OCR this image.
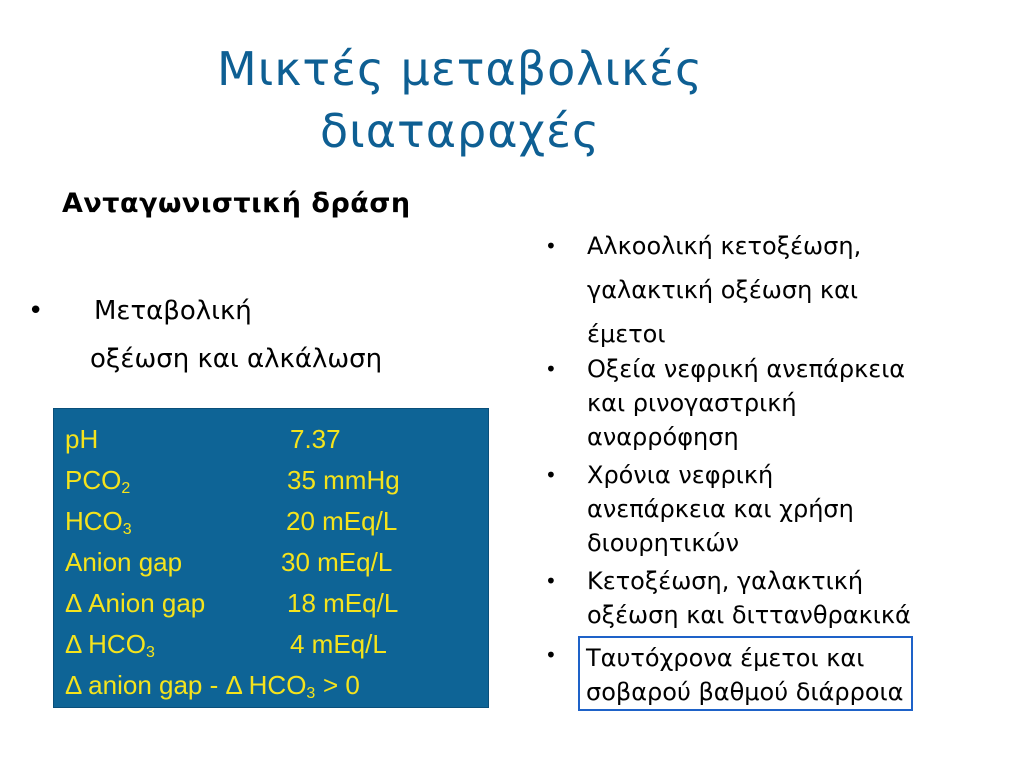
Μικτές μεταβολικές
διαταραχές
Ανταγωνιστική δράση
• Μεταβολική
οξέωση και αλκάλωση
pH	7.37
$PCO_2$	35 mmHg
$HCO_3$	20 mEq/L
Anion gap	30 mEq/L
Δ Anion gap	18 mEq/L
Δ $HCO_3$	4 mEq/L
Δ anion gap - Δ $HCO_3 > 0$
• Αλκοολική κετοξέωση,
γαλακτική οξέωση και
έμετοι
• Οξεία νεφρική ανεπάρκεια
και ρινογαστρική
αναρρόφηση
• Χρόνια νεφρική
ανεπάρκεια και χρήση
διουρητικών
• Κετοξέωση, γαλακτική
οξέωση και διττανθρακικά
• Ταυτόχρονα έμετοι και
σοβαρού βαθμού διάρροια
